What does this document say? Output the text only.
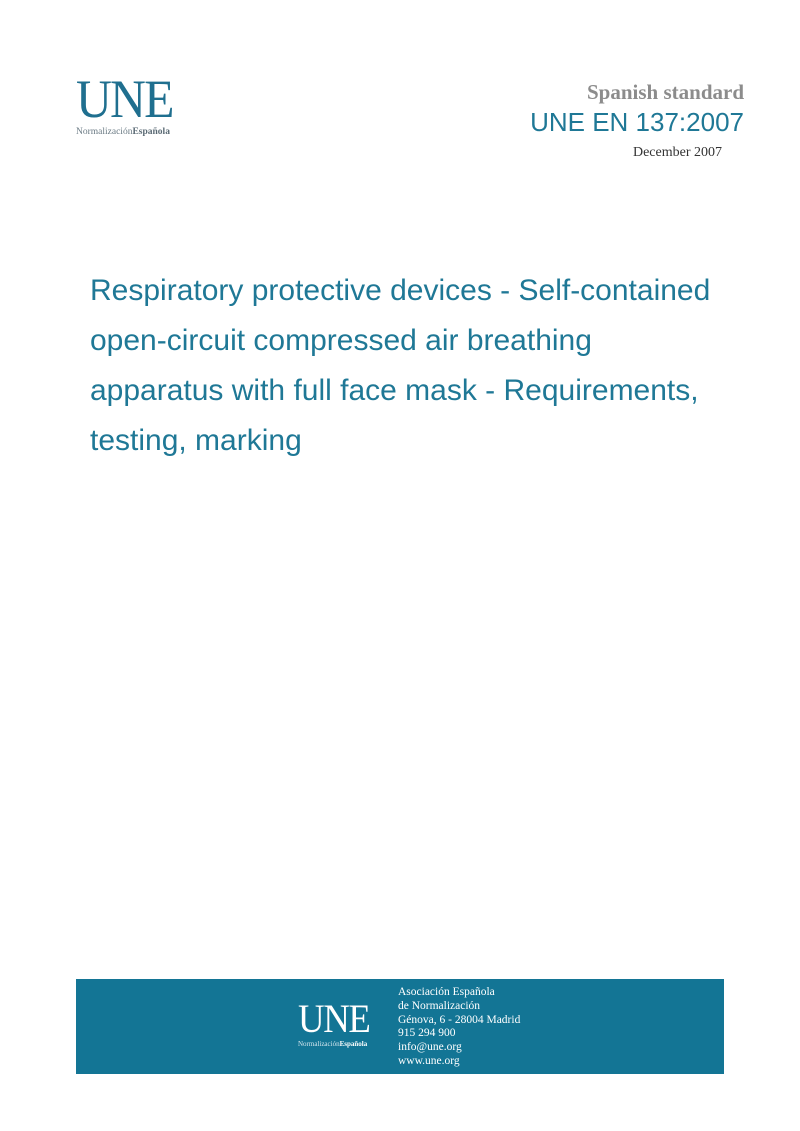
UNE
NormalizaciónEspañola
Spanish standard
UNE EN 137:2007
December 2007
Respiratory protective devices - Self-contained
open-circuit compressed air breathing
apparatus with full face mask - Requirements,
testing, marking
UNE
NormalizaciónEspañola
Asociación Española
de Normalización
Génova, 6 - 28004 Madrid
915 294 900
info@une.org
www.une.org
